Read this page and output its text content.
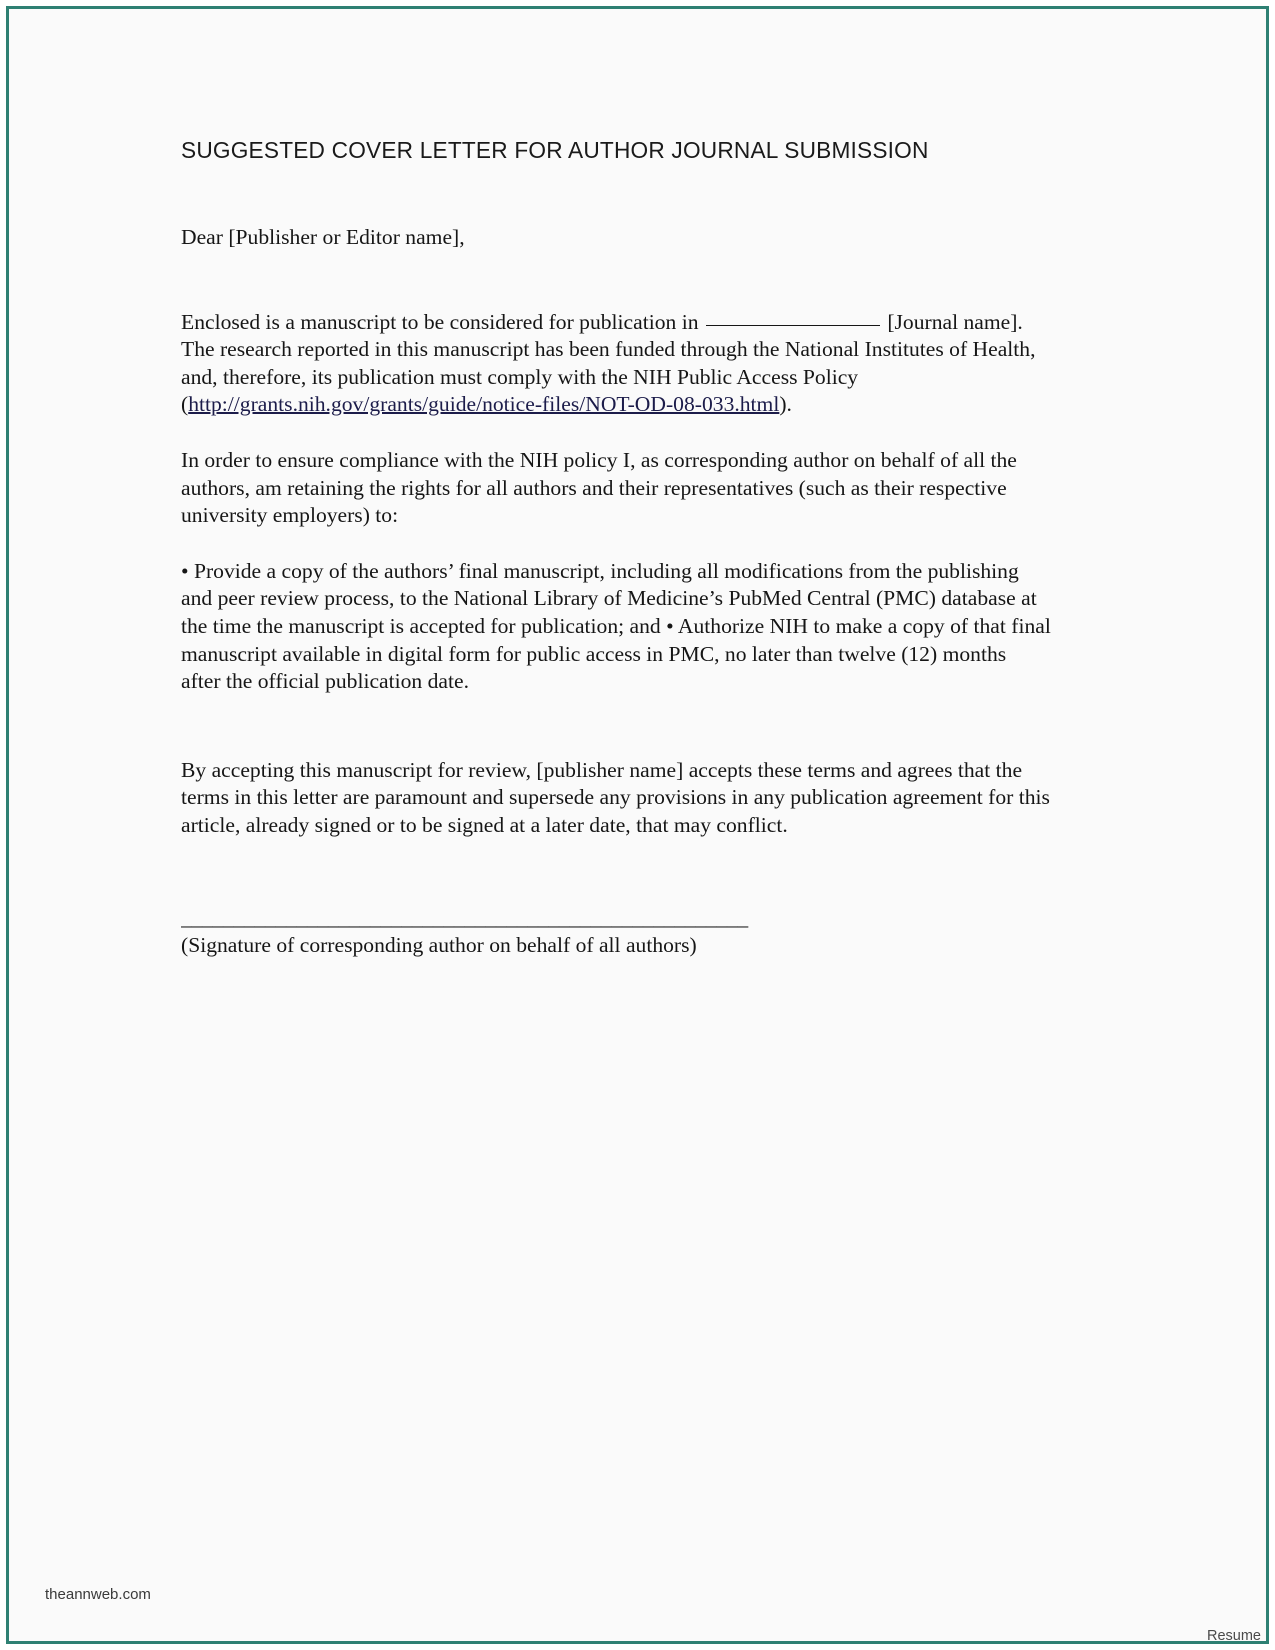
SUGGESTED COVER LETTER FOR AUTHOR JOURNAL SUBMISSION

Dear [Publisher or Editor name],

Enclosed is a manuscript to be considered for publication in	[Journal name]. The research reported in this manuscript has been funded through the National Institutes of Health, and, therefore, its publication must comply with the NIH Public Access Policy (http://grants.nih.gov/grants/guide/notice-files/NOT-OD-08-033.html).

In order to ensure compliance with the NIH policy I, as corresponding author on behalf of all the authors, am retaining the rights for all authors and their representatives (such as their respective university employers) to:

• Provide a copy of the authors’ final manuscript, including all modifications from the publishing and peer review process, to the National Library of Medicine’s PubMed Central (PMC) database at the time the manuscript is accepted for publication; and • Authorize NIH to make a copy of that final manuscript available in digital form for public access in PMC, no later than twelve (12) months after the official publication date.

By accepting this manuscript for review, [publisher name] accepts these terms and agrees that the terms in this letter are paramount and supersede any provisions in any publication agreement for this article, already signed or to be signed at a later date, that may conflict.

______________________________________________________
(Signature of corresponding author on behalf of all authors)
theannweb.com
Resume
